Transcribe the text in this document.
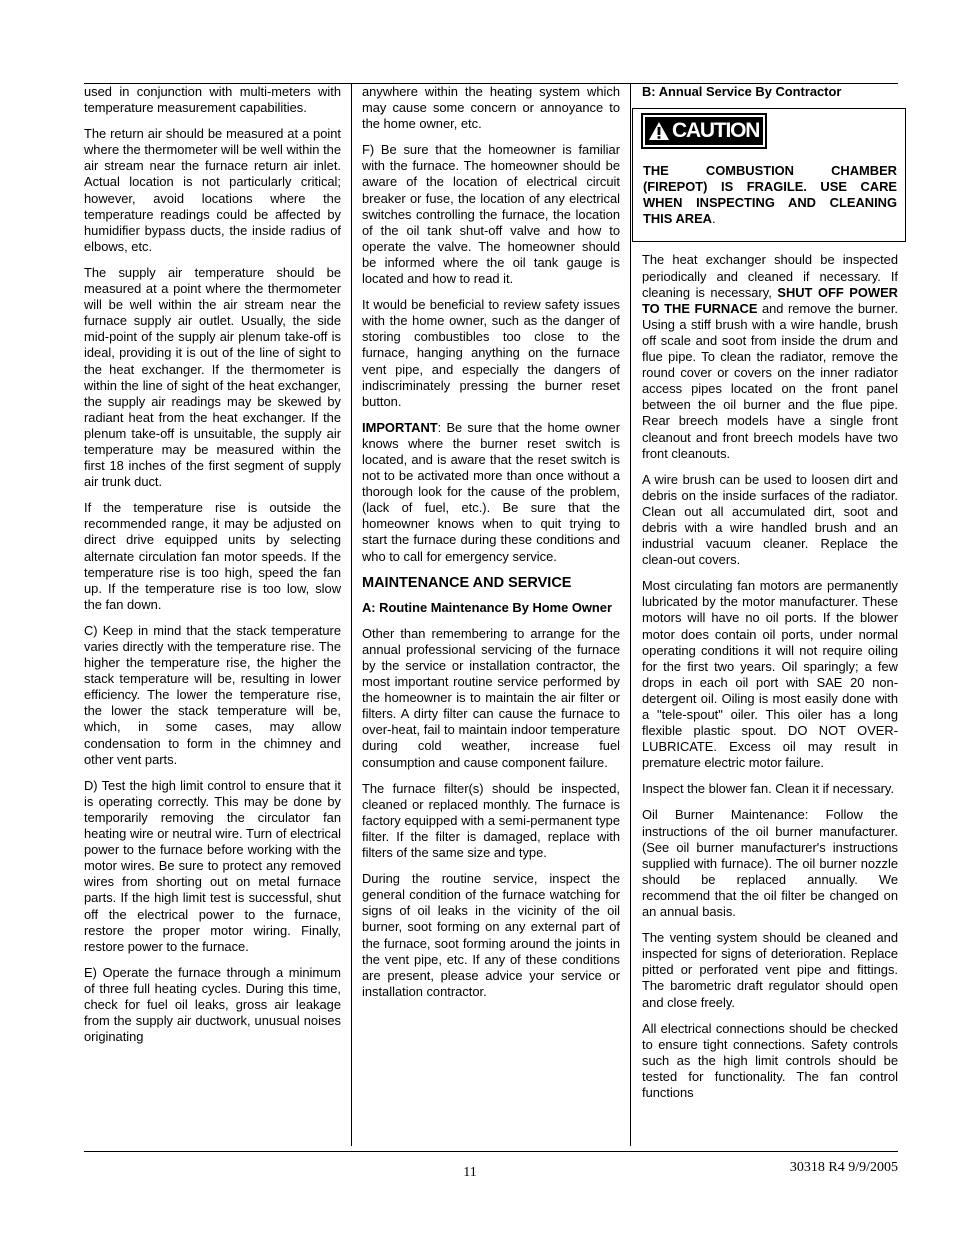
used in conjunction with multi-meters with temperature measurement capabilities.

The return air should be measured at a point where the thermometer will be well within the air stream near the furnace return air inlet. Actual location is not particularly critical; however, avoid locations where the temperature readings could be affected by humidifier bypass ducts, the inside radius of elbows, etc.

The supply air temperature should be measured at a point where the thermometer will be well within the air stream near the furnace supply air outlet. Usually, the side mid-point of the supply air plenum take-off is ideal, providing it is out of the line of sight to the heat exchanger. If the thermometer is within the line of sight of the heat exchanger, the supply air readings may be skewed by radiant heat from the heat exchanger. If the plenum take-off is unsuitable, the supply air temperature may be measured within the first 18 inches of the first segment of supply air trunk duct.

If the temperature rise is outside the recommended range, it may be adjusted on direct drive equipped units by selecting alternate circulation fan motor speeds. If the temperature rise is too high, speed the fan up. If the temperature rise is too low, slow the fan down.

C) Keep in mind that the stack temperature varies directly with the temperature rise. The higher the temperature rise, the higher the stack temperature will be, resulting in lower efficiency. The lower the temperature rise, the lower the stack temperature will be, which, in some cases, may allow condensation to form in the chimney and other vent parts.

D) Test the high limit control to ensure that it is operating correctly. This may be done by temporarily removing the circulator fan heating wire or neutral wire. Turn of electrical power to the furnace before working with the motor wires. Be sure to protect any removed wires from shorting out on metal furnace parts. If the high limit test is successful, shut off the electrical power to the furnace, restore the proper motor wiring. Finally, restore power to the furnace.

E) Operate the furnace through a minimum of three full heating cycles. During this time, check for fuel oil leaks, gross air leakage from the supply air ductwork, unusual noises originating

anywhere within the heating system which may cause some concern or annoyance to the home owner, etc.

F) Be sure that the homeowner is familiar with the furnace. The homeowner should be aware of the location of electrical circuit breaker or fuse, the location of any electrical switches controlling the furnace, the location of the oil tank shut-off valve and how to operate the valve. The homeowner should be informed where the oil tank gauge is located and how to read it.

It would be beneficial to review safety issues with the home owner, such as the danger of storing combustibles too close to the furnace, hanging anything on the furnace vent pipe, and especially the dangers of indiscriminately pressing the burner reset button.

IMPORTANT: Be sure that the home owner knows where the burner reset switch is located, and is aware that the reset switch is not to be activated more than once without a thorough look for the cause of the problem, (lack of fuel, etc.). Be sure that the homeowner knows when to quit trying to start the furnace during these conditions and who to call for emergency service.

MAINTENANCE AND SERVICE
A: Routine Maintenance By Home Owner

Other than remembering to arrange for the annual professional servicing of the furnace by the service or installation contractor, the most important routine service performed by the homeowner is to maintain the air filter or filters. A dirty filter can cause the furnace to over-heat, fail to maintain indoor temperature during cold weather, increase fuel consumption and cause component failure.

The furnace filter(s) should be inspected, cleaned or replaced monthly. The furnace is factory equipped with a semi-permanent type filter. If the filter is damaged, replace with filters of the same size and type.

During the routine service, inspect the general condition of the furnace watching for signs of oil leaks in the vicinity of the oil burner, soot forming on any external part of the furnace, soot forming around the joints in the vent pipe, etc. If any of these conditions are present, please advice your service or installation contractor.

B: Annual Service By Contractor
CAUTION

THE COMBUSTION CHAMBER (FIREPOT) IS FRAGILE. USE CARE WHEN INSPECTING AND CLEANING THIS AREA.

The heat exchanger should be inspected periodically and cleaned if necessary. If cleaning is necessary, SHUT OFF POWER TO THE FURNACE and remove the burner. Using a stiff brush with a wire handle, brush off scale and soot from inside the drum and flue pipe. To clean the radiator, remove the round cover or covers on the inner radiator access pipes located on the front panel between the oil burner and the flue pipe. Rear breech models have a single front cleanout and front breech models have two front cleanouts.

A wire brush can be used to loosen dirt and debris on the inside surfaces of the radiator. Clean out all accumulated dirt, soot and debris with a wire handled brush and an industrial vacuum cleaner. Replace the clean-out covers.

Most circulating fan motors are permanently lubricated by the motor manufacturer. These motors will have no oil ports. If the blower motor does contain oil ports, under normal operating conditions it will not require oiling for the first two years. Oil sparingly; a few drops in each oil port with SAE 20 non-detergent oil. Oiling is most easily done with a "tele-spout" oiler. This oiler has a long flexible plastic spout. DO NOT OVER-LUBRICATE. Excess oil may result in premature electric motor failure.

Inspect the blower fan. Clean it if necessary.

Oil Burner Maintenance: Follow the instructions of the oil burner manufacturer. (See oil burner manufacturer's instructions supplied with furnace). The oil burner nozzle should be replaced annually. We recommend that the oil filter be changed on an annual basis.

The venting system should be cleaned and inspected for signs of deterioration. Replace pitted or perforated vent pipe and fittings. The barometric draft regulator should open and close freely.

All electrical connections should be checked to ensure tight connections. Safety controls such as the high limit controls should be tested for functionality. The fan control functions

11	30318 R4 9/9/2005
